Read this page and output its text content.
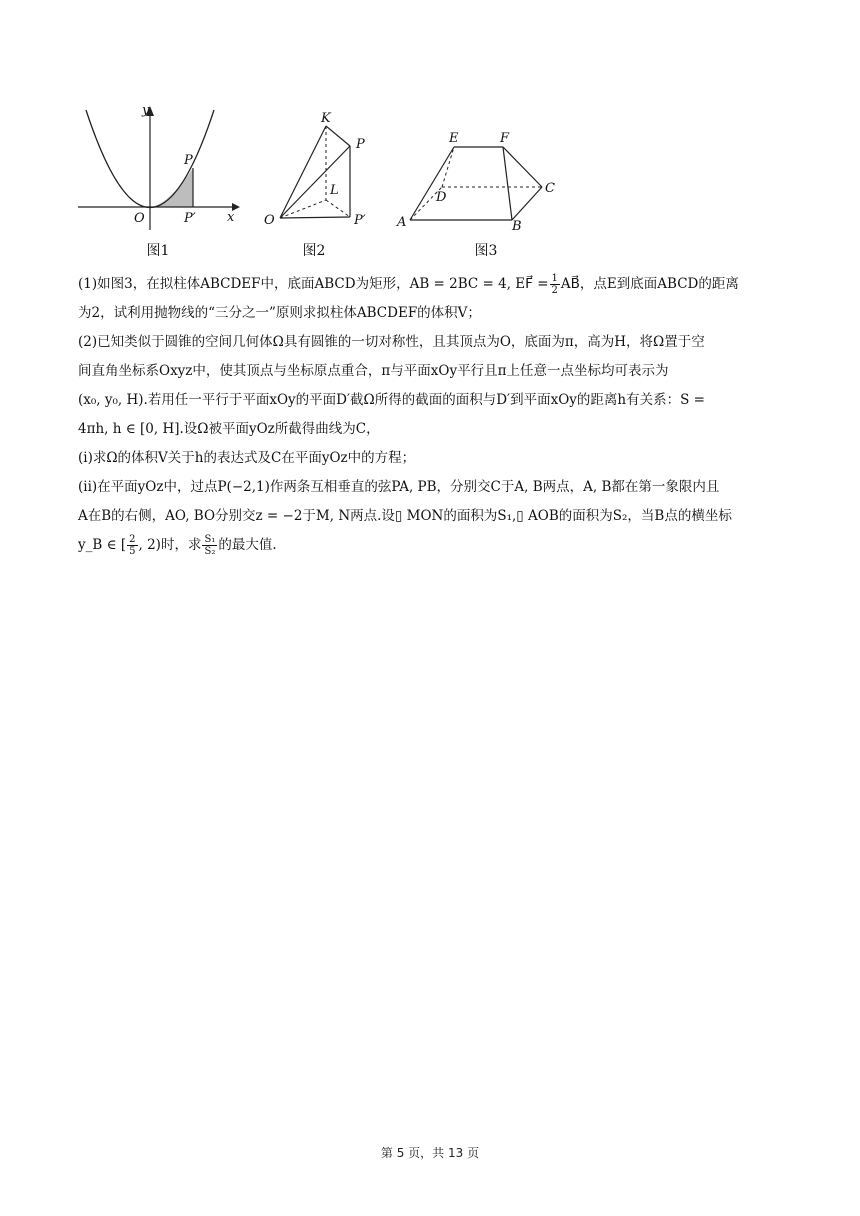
y
x
O
P
P′
图1
K
P
L
O	P′
图2
E	F
C
D
A	B
图3

(1)如图3，在拟柱体ABCDEF中，底面ABCD为矩形，AB = 2BC = 4, EF⃗ = $\frac{1}{2}$ AB⃗，点E到底面ABCD的距离

为2，试利用抛物线的“三分之一”原则求拟柱体ABCDEF的体积V；

(2)已知类似于圆锥的空间几何体Ω具有圆锥的一切对称性，且其顶点为O，底面为π，高为H，将Ω置于空

间直角坐标系Oxyz中，使其顶点与坐标原点重合，π与平面xOy平行且π上任意一点坐标均可表示为

(x₀, y₀, H).若用任一平行于平面xOy的平面D′截Ω所得的截面的面积与D′到平面xOy的距离h有关系：S =

4πh, h ∈ [0, H].设Ω被平面yOz所截得曲线为C，

(i)求Ω的体积V关于h的表达式及C在平面yOz中的方程；

(ii)在平面yOz中，过点P(−2,1)作两条互相垂直的弦PA, PB，分别交C于A, B两点，A, B都在第一象限内且

A在B的右侧，AO, BO分别交z = −2于M, N两点.设▯ MON的面积为S₁,▯ AOB的面积为S₂，当B点的横坐标

y_B ∈ [ $\frac{2}{5}$ , 2)时，求 $\frac{\text{S₁}}{\text{S₂}}$ 的最大值.

第 5 页，共 13 页
